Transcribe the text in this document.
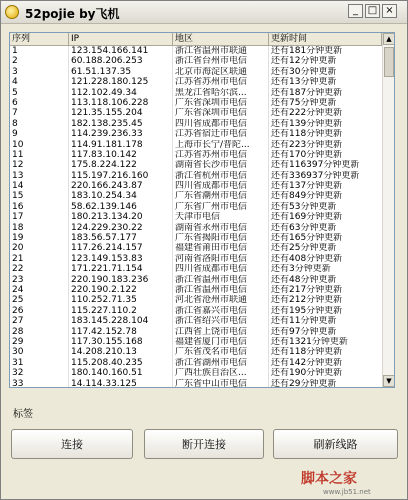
52pojie by飞机	_ □ ×
序列	IP	地区	更新时间
1	123.154.166.141	浙江省温州市联通	还有181分钟更新
2	60.188.206.253	浙江省台州市电信	还有12分钟更新
3	61.51.137.35	北京市海淀区联通	还有30分钟更新
4	121.228.180.125	江苏省苏州市电信	还有13分钟更新
5	112.102.49.34	黑龙江省哈尔滨...	还有187分钟更新
6	113.118.106.228	广东省深圳市电信	还有75分钟更新
7	121.35.155.204	广东省深圳市电信	还有222分钟更新
8	182.138.235.45	四川省成都市电信	还有139分钟更新
9	114.239.236.33	江苏省宿迁市电信	还有118分钟更新
10	114.91.181.178	上海市长宁/普陀...	还有223分钟更新
11	117.83.10.142	江苏省苏州市电信	还有170分钟更新
12	175.8.224.122	湖南省长沙市电信	还有116397分钟更新
13	115.197.216.160	浙江省杭州市电信	还有336937分钟更新
14	220.166.243.87	四川省成都市电信	还有137分钟更新
15	183.10.254.34	广东省潮州市电信	还有849分钟更新
16	58.62.139.146	广东省广州市电信	还有53分钟更新
17	180.213.134.20	天津市电信	还有169分钟更新
18	124.229.230.22	湖南省永州市电信	还有63分钟更新
19	183.56.57.177	广东省揭阳市电信	还有165分钟更新
20	117.26.214.157	福建省莆田市电信	还有25分钟更新
21	123.149.153.83	河南省洛阳市电信	还有408分钟更新
22	171.221.71.154	四川省成都市电信	还有3分钟更新
23	220.190.183.236	浙江省温州市电信	还有48分钟更新
24	220.190.2.122	浙江省温州市电信	还有217分钟更新
25	110.252.71.35	河北省沧州市联通	还有212分钟更新
26	115.227.110.2	浙江省嘉兴市电信	还有195分钟更新
27	183.145.228.104	浙江省绍兴市电信	还有11分钟更新
28	117.42.152.78	江西省上饶市电信	还有97分钟更新
29	117.30.155.168	福建省厦门市电信	还有1321分钟更新
30	14.208.210.13	广东省茂名市电信	还有118分钟更新
31	115.208.40.235	浙江省湖州市电信	还有142分钟更新
32	180.140.160.51	广西壮族自治区...	还有190分钟更新
33	14.114.33.125	广东省中山市电信	还有29分钟更新
▲
▼
标签
连接	断开连接	刷新线路
脚本之家
www.jb51.net
